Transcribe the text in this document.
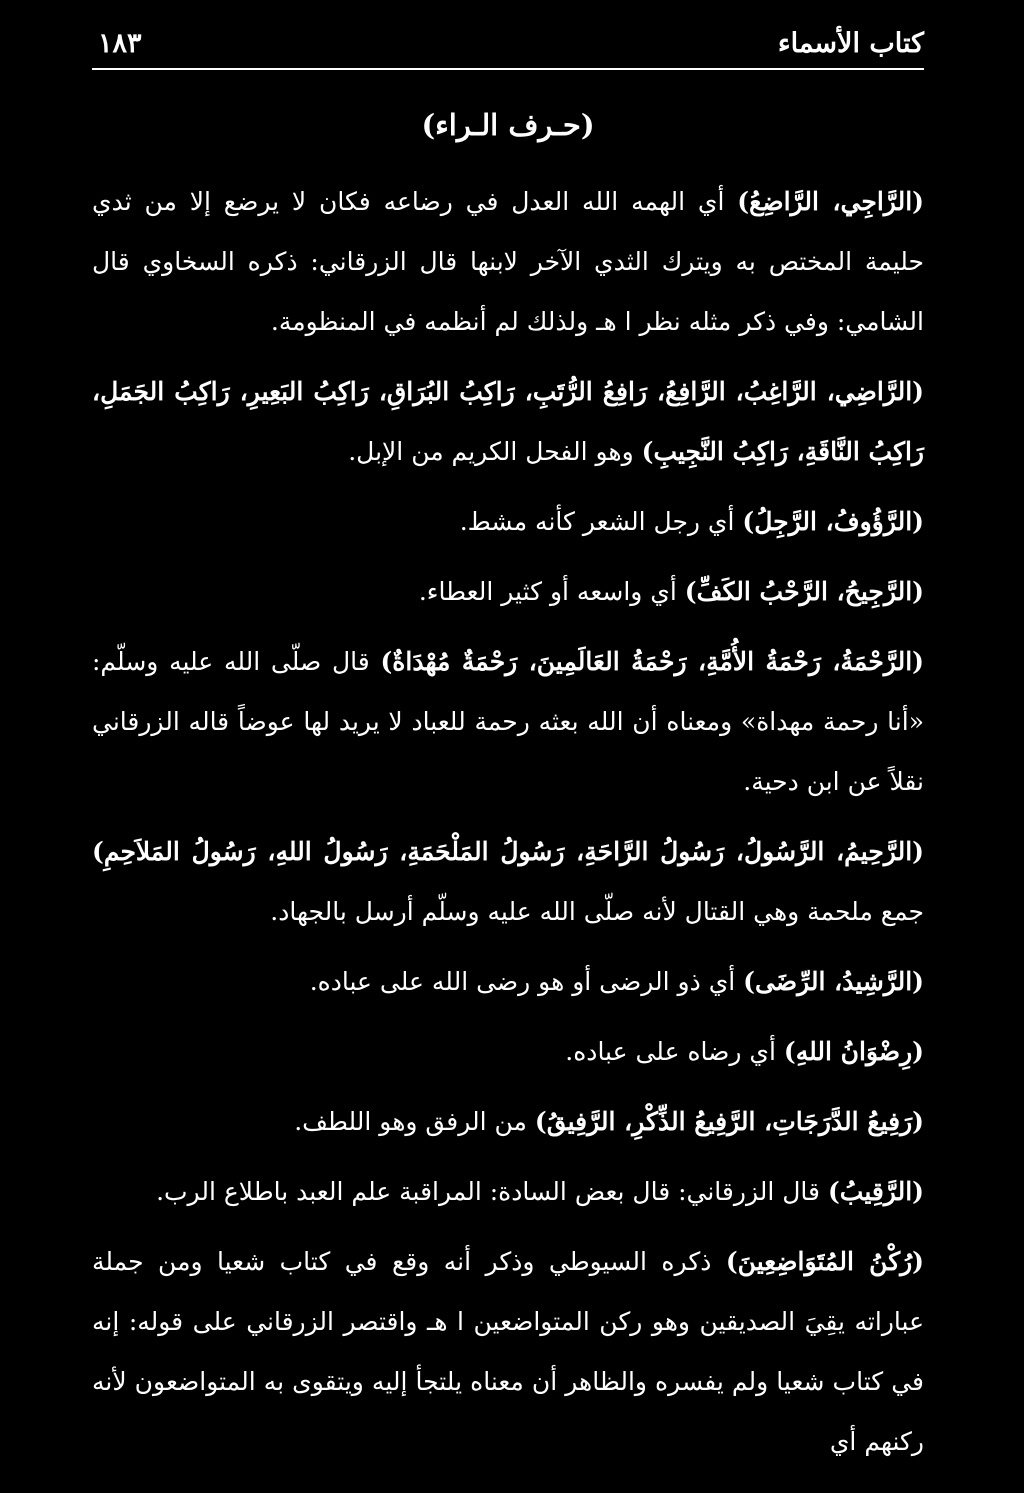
كتاب الأسماء
١٨٣
(حـرف الـراء)
(الرَّاجِي، الرَّاضِعُ) أي الهمه الله العدل في رضاعه فكان لا يرضع إلا من ثدي حليمة المختص به ويترك الثدي الآخر لابنها قال الزرقاني: ذكره السخاوي قال الشامي: وفي ذكر مثله نظر ا هـ ولذلك لم أنظمه في المنظومة.
(الرَّاضِي، الرَّاغِبُ، الرَّافِعُ، رَافِعُ الرُّتَبِ، رَاكِبُ البُرَاقِ، رَاكِبُ البَعِيرِ، رَاكِبُ الجَمَلِ، رَاكِبُ النَّاقَةِ، رَاكِبُ النَّجِيبِ) وهو الفحل الكريم من الإبل.
(الرَّؤُوفُ، الرَّجِلُ) أي رجل الشعر كأنه مشط.
(الرَّجِيحُ، الرَّحْبُ الكَفِّ) أي واسعه أو كثير العطاء.
(الرَّحْمَةُ، رَحْمَةُ الأُمَّةِ، رَحْمَةُ العَالَمِينَ، رَحْمَةٌ مُهْدَاةٌ) قال صلّى الله عليه وسلّم: «أنا رحمة مهداة» ومعناه أن الله بعثه رحمة للعباد لا يريد لها عوضاً قاله الزرقاني نقلاً عن ابن دحية.
(الرَّحِيمُ، الرَّسُولُ، رَسُولُ الرَّاحَةِ، رَسُولُ المَلْحَمَةِ، رَسُولُ اللهِ، رَسُولُ المَلاَحِمِ) جمع ملحمة وهي القتال لأنه صلّى الله عليه وسلّم أرسل بالجهاد.
(الرَّشِيدُ، الرِّضَى) أي ذو الرضى أو هو رضى الله على عباده.
(رِضْوَانُ اللهِ) أي رضاه على عباده.
(رَفِيعُ الدَّرَجَاتِ، الرَّفِيعُ الذِّكْرِ، الرَّفِيقُ) من الرفق وهو اللطف.
(الرَّقِيبُ) قال الزرقاني: قال بعض السادة: المراقبة علم العبد باطلاع الرب.
(رُكْنُ المُتَوَاضِعِينَ) ذكره السيوطي وذكر أنه وقع في كتاب شعيا ومن جملة عباراته يقِيَ الصديقين وهو ركن المتواضعين ا هـ واقتصر الزرقاني على قوله: إنه في كتاب شعيا ولم يفسره والظاهر أن معناه يلتجأ إليه ويتقوى به المتواضعون لأنه ركنهم أي
